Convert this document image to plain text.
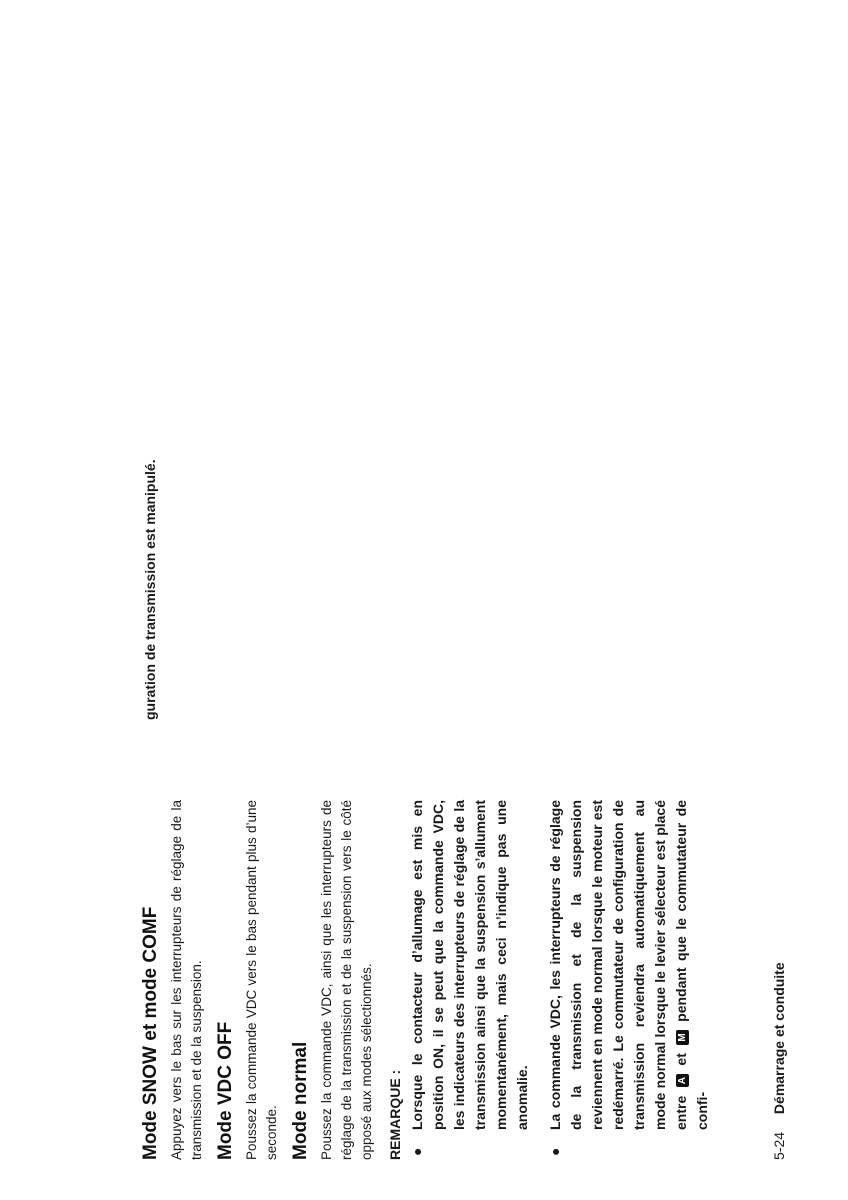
Mode SNOW et mode COMF Appuyez vers le bas sur les interrupteurs de réglage de la transmission et de la suspension. Mode VDC OFF Poussez la commande VDC vers le bas pendant plus d’une seconde. Mode normal Poussez la commande VDC, ainsi que les interrupteurs de réglage de la transmission et de la suspension vers le côté opposé aux modes sélectionnés. REMARQUE : ●
Lorsque le contacteur d’allumage est mis en position ON, il se peut que la commande VDC, les indicateurs des interrupteurs de réglage de la transmission ainsi que la suspension s’allument momentanément, mais ceci n’indique pas une anomalie.
●
La commande VDC, les interrupteurs de réglage de la transmission et de la suspension reviennent en mode normal lorsque le moteur est redémarré. Le commutateur de configuration de transmission reviendra automatiquement au mode normal lorsque le levier sélecteur est placé entre A et M pendant que le commutateur de confi-

guration de transmission est manipulé.

5-24 Démarrage et conduite
